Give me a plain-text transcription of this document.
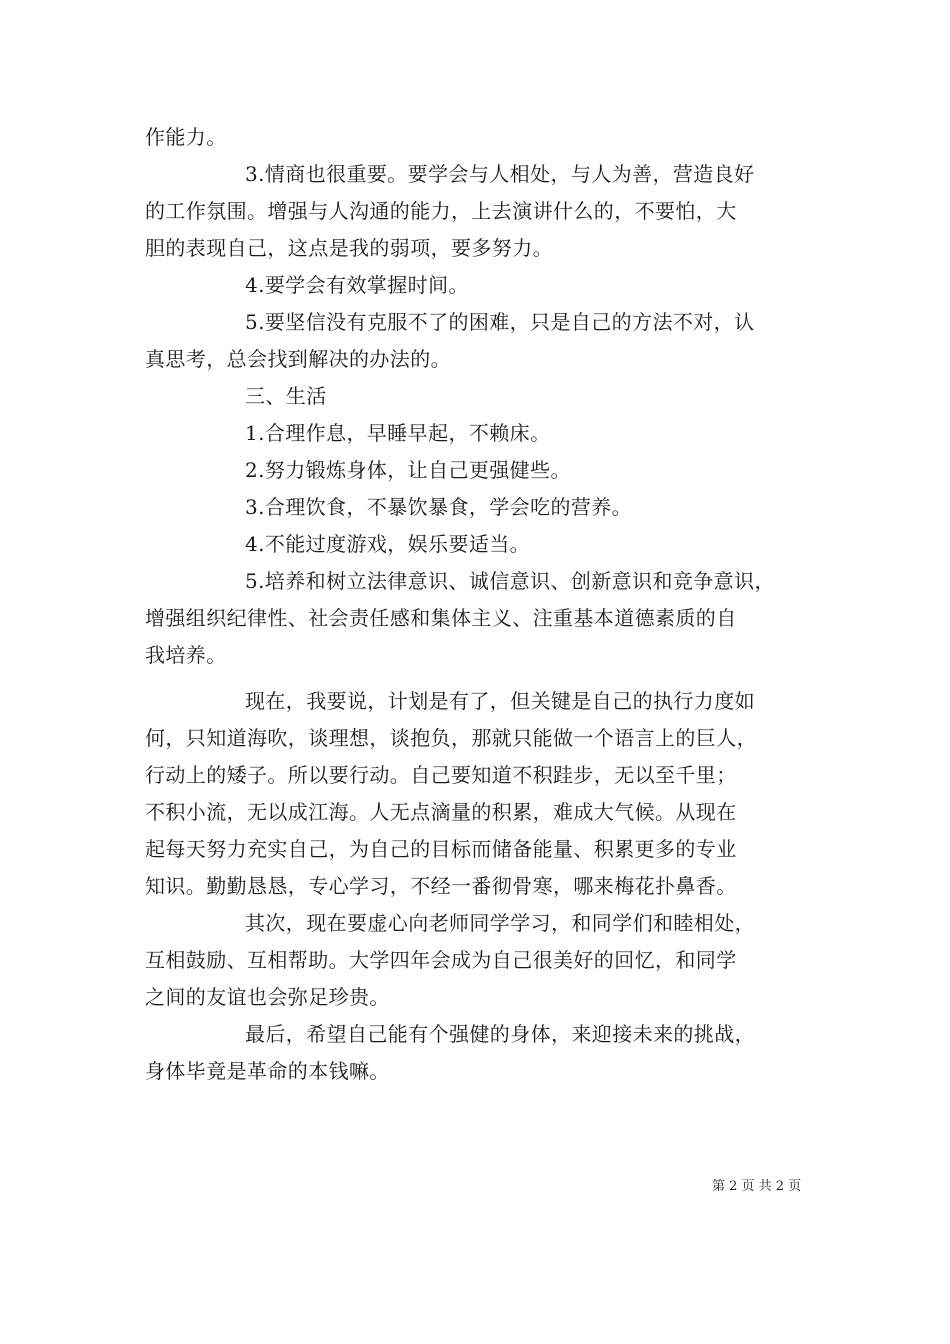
作能力。
3.情商也很重要。要学会与人相处，与人为善，营造良好
的工作氛围。增强与人沟通的能力，上去演讲什么的，不要怕，大
胆的表现自己，这点是我的弱项，要多努力。
4.要学会有效掌握时间。
5.要坚信没有克服不了的困难，只是自己的方法不对，认
真思考，总会找到解决的办法的。
三、生活
1.合理作息，早睡早起，不赖床。
2.努力锻炼身体，让自己更强健些。
3.合理饮食，不暴饮暴食，学会吃的营养。
4.不能过度游戏，娱乐要适当。
5.培养和树立法律意识、诚信意识、创新意识和竞争意识，
增强组织纪律性、社会责任感和集体主义、注重基本道德素质的自
我培养。
现在，我要说，计划是有了，但关键是自己的执行力度如
何，只知道海吹，谈理想，谈抱负，那就只能做一个语言上的巨人，
行动上的矮子。所以要行动。自己要知道不积跬步，无以至千里；
不积小流，无以成江海。人无点滴量的积累，难成大气候。从现在
起每天努力充实自己，为自己的目标而储备能量、积累更多的专业
知识。勤勤恳恳，专心学习，不经一番彻骨寒，哪来梅花扑鼻香。
其次，现在要虚心向老师同学学习，和同学们和睦相处，
互相鼓励、互相帮助。大学四年会成为自己很美好的回忆，和同学
之间的友谊也会弥足珍贵。
最后，希望自己能有个强健的身体，来迎接未来的挑战，
身体毕竟是革命的本钱嘛。
第 2 页 共 2 页
